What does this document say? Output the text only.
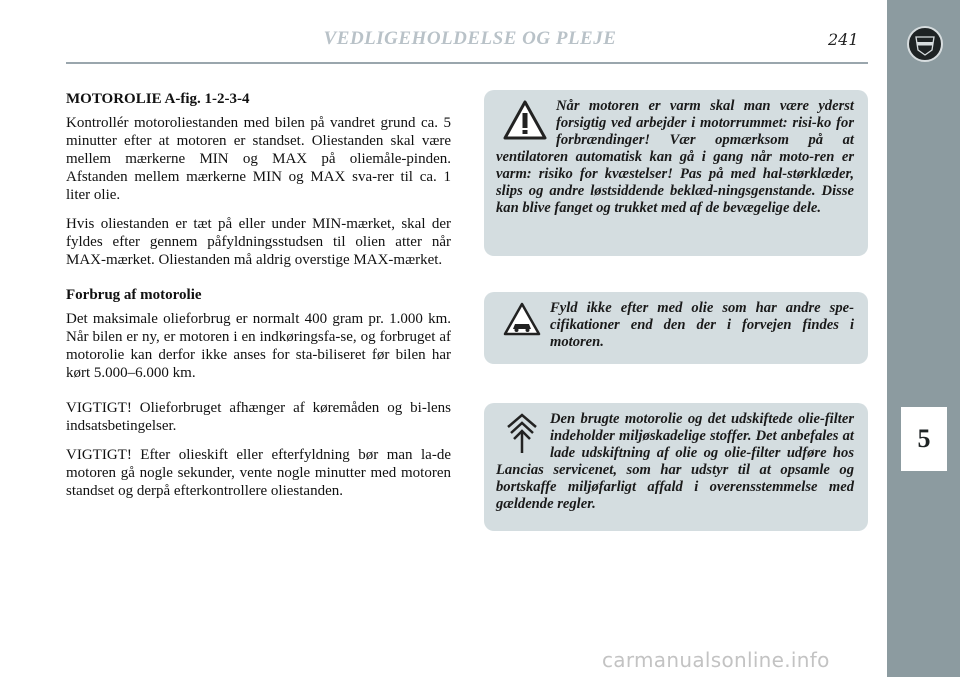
VEDLIGEHOLDELSE OG PLEJE	241
5

MOTOROLIE A-fig. 1-2-3-4

Kontrollér motoroliestanden med bilen på vandret grund ca. 5 minutter efter at motoren er standset. Oliestanden skal være mellem mærkerne MIN og MAX på oliemåle-pinden. Afstanden mellem mærkerne MIN og MAX sva-rer til ca. 1 liter olie.

Hvis oliestanden er tæt på eller under MIN-mærket, skal der fyldes efter gennem påfyldningsstudsen til olien atter når MAX-mærket. Oliestanden må aldrig overstige MAX-mærket.

Forbrug af motorolie

Det maksimale olieforbrug er normalt 400 gram pr. 1.000 km. Når bilen er ny, er motoren i en indkøringsfa-se, og forbruget af motorolie kan derfor ikke anses for sta-biliseret før bilen har kørt 5.000–6.000 km.

VIGTIGT! Olieforbruget afhænger af køremåden og bi-lens indsatsbetingelser.

VIGTIGT! Efter olieskift eller efterfyldning bør man la-de motoren gå nogle sekunder, vente nogle minutter med motoren standset og derpå efterkontrollere oliestanden.

Når motoren er varm skal man være yderst forsigtig ved arbejder i motorrummet: risi-ko for forbrændinger! Vær opmærksom på at ventilatoren automatisk kan gå i gang når moto-ren er varm: risiko for kvæstelser! Pas på med hal-størklæder, slips og andre løstsiddende beklæd-ningsgenstande. Disse kan blive fanget og trukket med af de bevægelige dele.
Fyld ikke efter med olie som har andre spe-cifikationer end den der i forvejen findes i motoren.
Den brugte motorolie og det udskiftede olie-filter indeholder miljøskadelige stoffer. Det anbefales at lade udskiftning af olie og olie-filter udføre hos Lancias servicenet, som har udstyr til at opsamle og bortskaffe miljøfarligt affald i overensstemmelse med gældende regler.
carmanualsonline.info
